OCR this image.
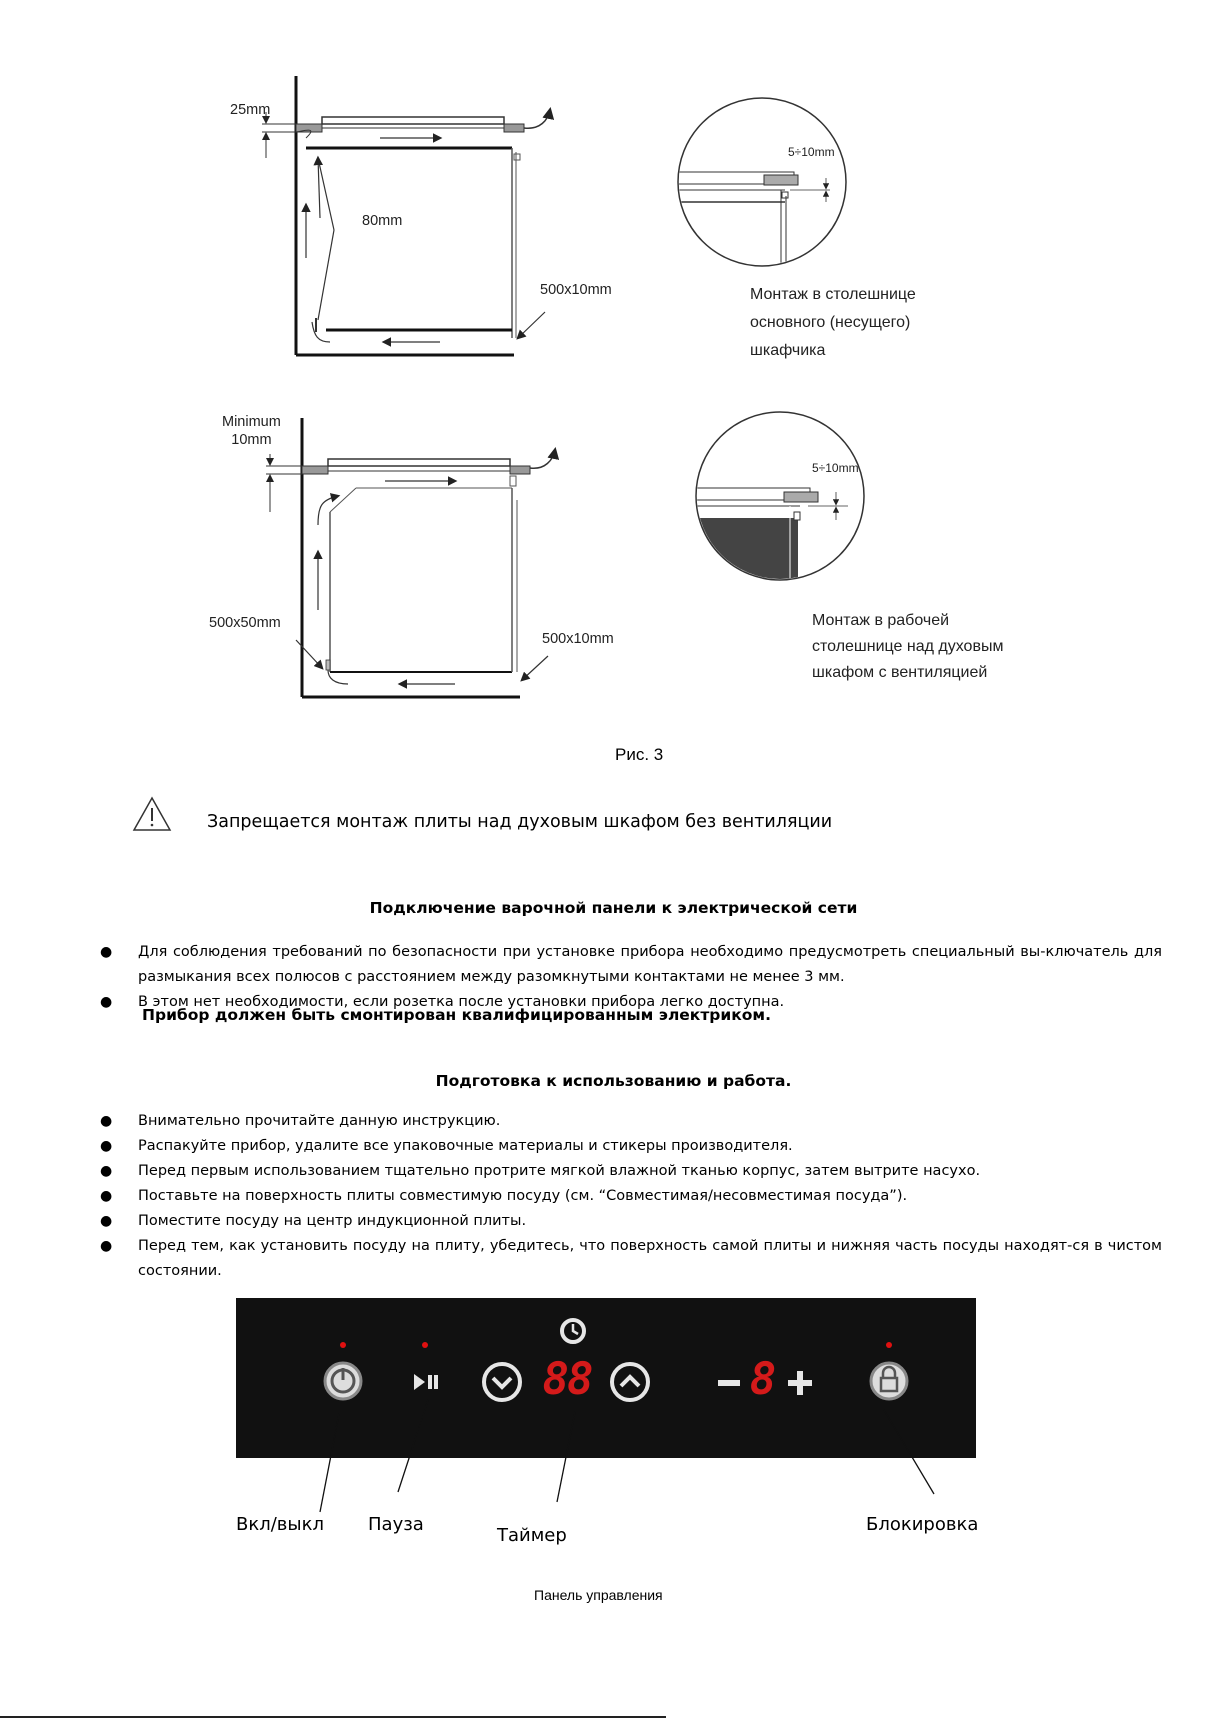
25mm
80mm
500x10mm
5÷10mm
Монтаж в столешнице
основного (несущего)
шкафчика
Minimum
10mm
500x50mm
500x10mm
5÷10mm
Монтаж в рабочей
столешнице над духовым
шкафом с вентиляцией
Рис. 3
Запрещается монтаж плиты над духовым шкафом без вентиляции
Подключение варочной панели к электрической сети
● Для соблюдения требований по безопасности при установке прибора необходимо предусмотреть специальный вы-ключатель для размыкания всех полюсов с расстоянием между разомкнутыми контактами не менее 3 мм.
● В этом нет необходимости, если розетка после установки прибора легко доступна.
Прибор должен быть смонтирован квалифицированным электриком.
Подготовка к использованию и работа.
● Внимательно прочитайте данную инструкцию.
● Распакуйте прибор, удалите все упаковочные материалы и стикеры производителя.
● Перед первым использованием тщательно протрите мягкой влажной тканью корпус, затем вытрите насухо.
● Поставьте на поверхность плиты совместимую посуду (см. “Совместимая/несовместимая посуда”).
● Поместите посуду на центр индукционной плиты.
● Перед тем, как установить посуду на плиту, убедитесь, что поверхность самой плиты и нижняя часть посуды находят-ся в чистом состоянии.
88	8
Вкл/выкл Пауза
Таймер
Блокировка
Панель управления
